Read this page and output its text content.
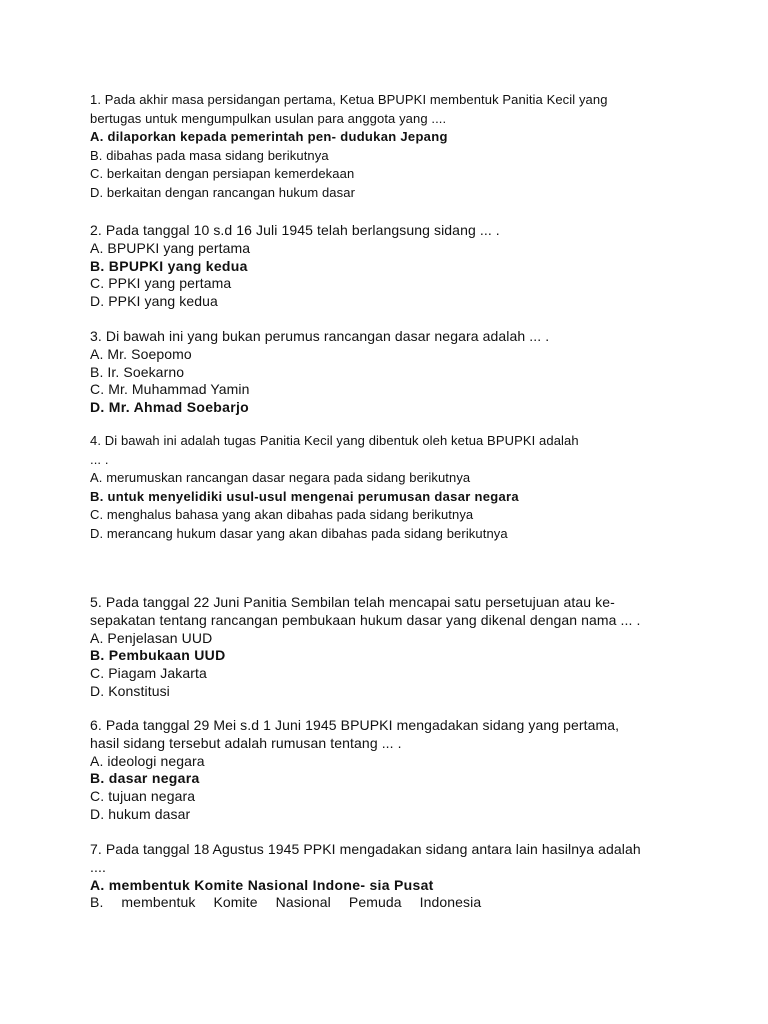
1. Pada akhir masa persidangan pertama, Ketua BPUPKI membentuk Panitia Kecil yang
bertugas untuk mengumpulkan usulan para anggota yang ....
A. dilaporkan kepada pemerintah pen- dudukan Jepang
B. dibahas pada masa sidang berikutnya
C. berkaitan dengan persiapan kemerdekaan
D. berkaitan dengan rancangan hukum dasar
2. Pada tanggal 10 s.d 16 Juli 1945 telah berlangsung sidang ... .
A. BPUPKI yang pertama
B. BPUPKI yang kedua
C. PPKI yang pertama
D. PPKI yang kedua
3. Di bawah ini yang bukan perumus rancangan dasar negara adalah ... .
A. Mr. Soepomo
B. Ir. Soekarno
C. Mr. Muhammad Yamin
D. Mr. Ahmad Soebarjo
4. Di bawah ini adalah tugas Panitia Kecil yang dibentuk oleh ketua BPUPKI adalah
... .
A. merumuskan rancangan dasar negara pada sidang berikutnya
B. untuk menyelidiki usul-usul mengenai perumusan dasar negara
C. menghalus bahasa yang akan dibahas pada sidang berikutnya
D. merancang hukum dasar yang akan dibahas pada sidang berikutnya
5. Pada tanggal 22 Juni Panitia Sembilan telah mencapai satu persetujuan atau ke-
sepakatan tentang rancangan pembukaan hukum dasar yang dikenal dengan nama ... .
A. Penjelasan UUD
B. Pembukaan UUD
C. Piagam Jakarta
D. Konstitusi
6. Pada tanggal 29 Mei s.d 1 Juni 1945 BPUPKI mengadakan sidang yang pertama,
hasil sidang tersebut adalah rumusan tentang ... .
A. ideologi negara
B. dasar negara
C. tujuan negara
D. hukum dasar
7. Pada tanggal 18 Agustus 1945 PPKI mengadakan sidang antara lain hasilnya adalah
....
A. membentuk Komite Nasional Indone- sia Pusat
B. membentuk Komite Nasional Pemuda Indonesia
